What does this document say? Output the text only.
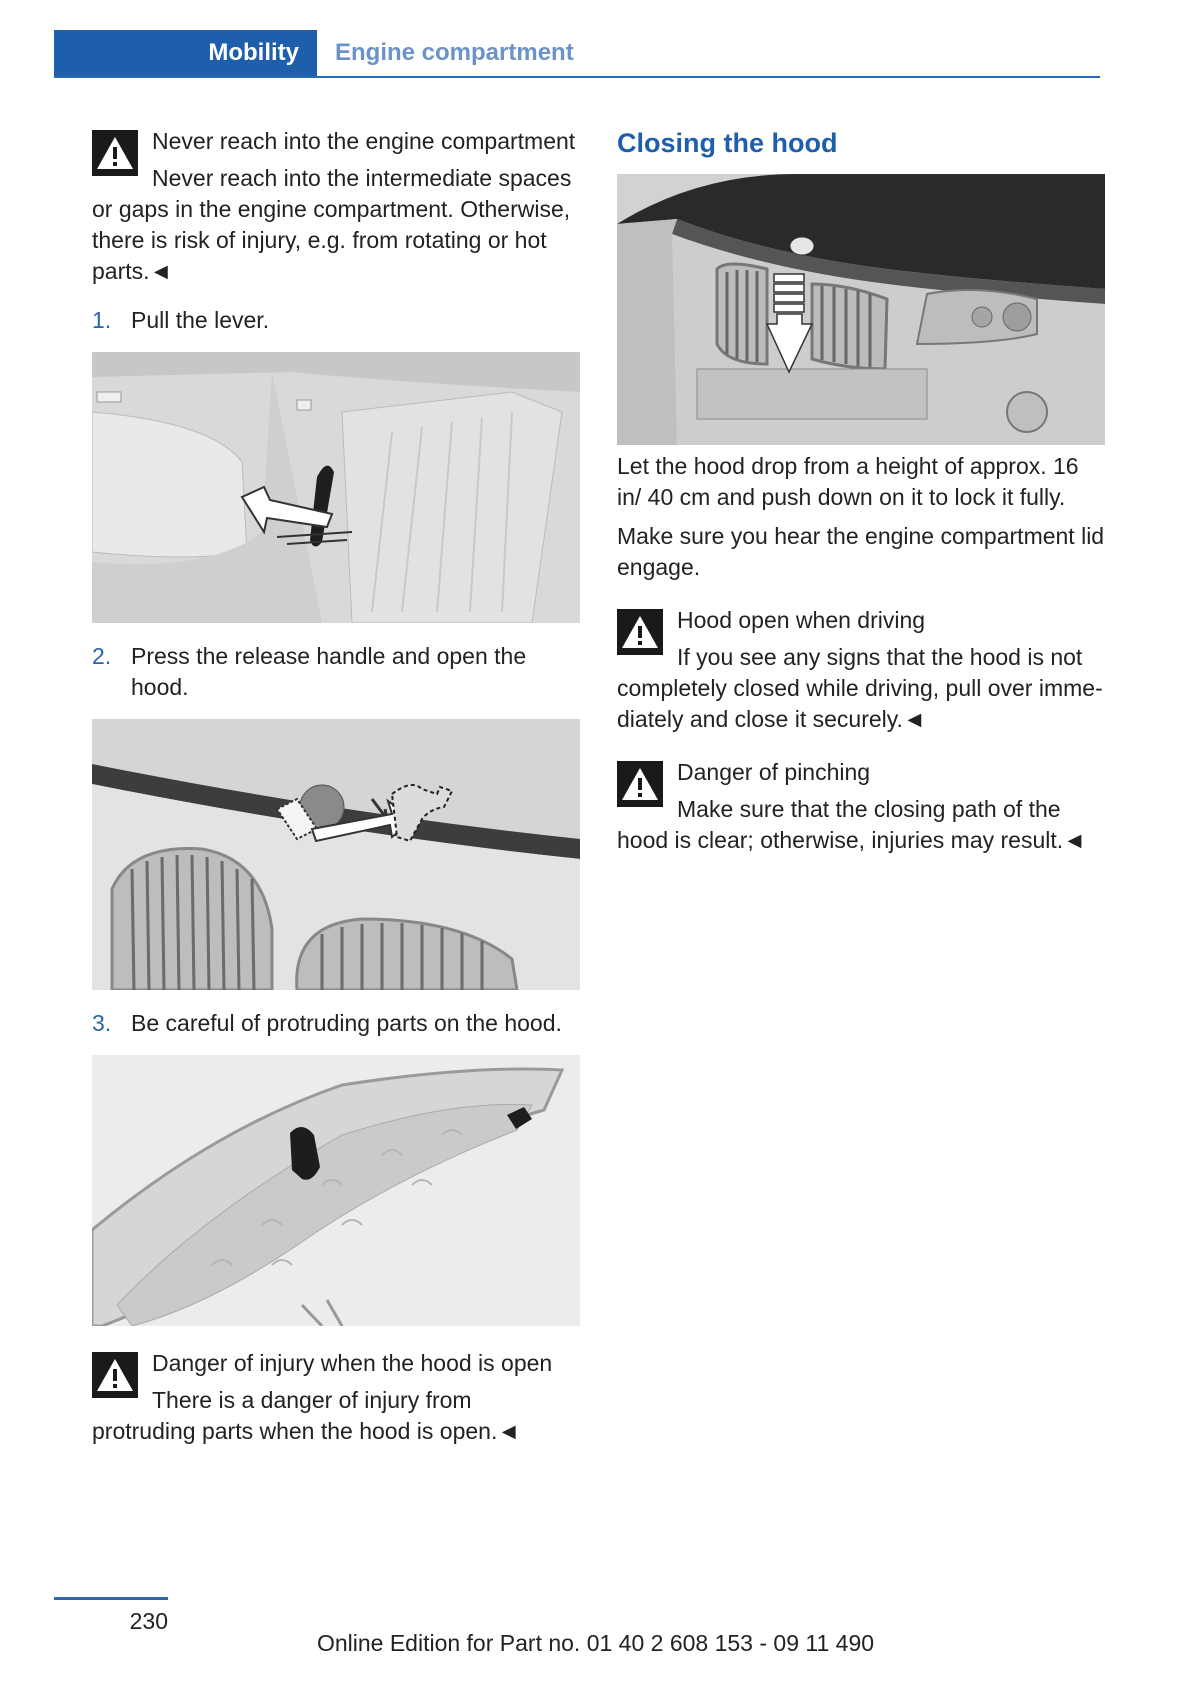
Mobility Engine compartment

Never reach into the engine compartment
Never reach into the intermediate spaces or gaps in the engine compartment. Otherwise, there is risk of injury, e.g. from rotating or hot parts.◄

1. Pull the lever.
2. Press the release handle and open the hood.
3. Be careful of protruding parts on the hood.

Danger of injury when the hood is open
There is a danger of injury from protruding parts when the hood is open.◄

Closing the hood

Let the hood drop from a height of approx. 16 in/ 40 cm and push down on it to lock it fully.

Make sure you hear the engine compartment lid engage.

Hood open when driving
If you see any signs that the hood is not completely closed while driving, pull over immediately and close it securely.◄

Danger of pinching
Make sure that the closing path of the hood is clear; otherwise, injuries may result.◄

230
Online Edition for Part no. 01 40 2 608 153 - 09 11 490
